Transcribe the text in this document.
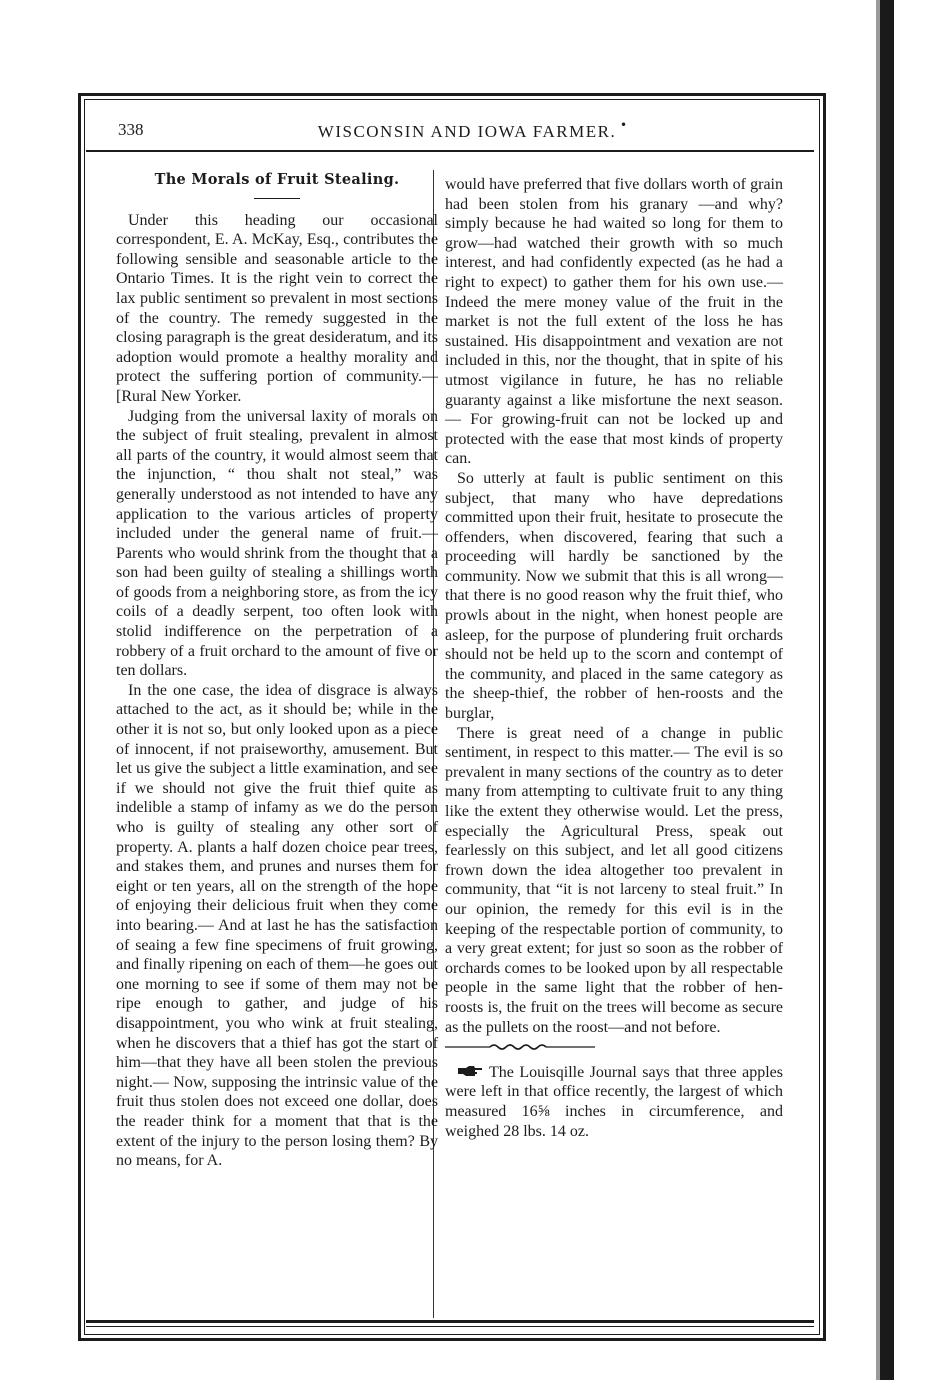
338	WISCONSIN AND IOWA FARMER. •
The Morals of Fruit Stealing.

Under this heading our occasional correspondent, E. A. McKay, Esq., contributes the following sensible and seasonable article to the Ontario Times. It is the right vein to correct the lax public sentiment so prevalent in most sections of the country. The remedy suggested in the closing paragraph is the great desideratum, and its adoption would promote a healthy morality and protect the suffering portion of community.—[Rural New Yorker.

Judging from the universal laxity of morals on the subject of fruit stealing, prevalent in almost all parts of the country, it would almost seem that the injunction, “ thou shalt not steal,” was generally understood as not intended to have any application to the various articles of property included under the general name of fruit.— Parents who would shrink from the thought that a son had been guilty of stealing a shillings worth of goods from a neighboring store, as from the icy coils of a deadly serpent, too often look with stolid indifference on the perpetration of a robbery of a fruit orchard to the amount of five or ten dollars.

In the one case, the idea of disgrace is always attached to the act, as it should be; while in the other it is not so, but only looked upon as a piece of innocent, if not praiseworthy, amusement. But let us give the subject a little examination, and see if we should not give the fruit thief quite as indelible a stamp of infamy as we do the person who is guilty of stealing any other sort of property. A. plants a half dozen choice pear trees, and stakes them, and prunes and nurses them for eight or ten years, all on the strength of the hope of enjoying their delicious fruit when they come into bearing.— And at last he has the satisfaction of seaing a few fine specimens of fruit growing, and finally ripening on each of them—he goes out one morning to see if some of them may not be ripe enough to gather, and judge of his disappointment, you who wink at fruit stealing, when he discovers that a thief has got the start of him—that they have all been stolen the previous night.— Now, supposing the intrinsic value of the fruit thus stolen does not exceed one dollar, does the reader think for a moment that that is the extent of the injury to the person losing them? By no means, for A.

would have preferred that five dollars worth of grain had been stolen from his granary —and why? simply because he had waited so long for them to grow—had watched their growth with so much interest, and had confidently expected (as he had a right to expect) to gather them for his own use.— Indeed the mere money value of the fruit in the market is not the full extent of the loss he has sustained. His disappointment and vexation are not included in this, nor the thought, that in spite of his utmost vigilance in future, he has no reliable guaranty against a like misfortune the next season.— For growing-fruit can not be locked up and protected with the ease that most kinds of property can.

So utterly at fault is public sentiment on this subject, that many who have depredations committed upon their fruit, hesitate to prosecute the offenders, when discovered, fearing that such a proceeding will hardly be sanctioned by the community. Now we submit that this is all wrong—that there is no good reason why the fruit thief, who prowls about in the night, when honest people are asleep, for the purpose of plundering fruit orchards should not be held up to the scorn and contempt of the community, and placed in the same category as the sheep-thief, the robber of hen-roosts and the burglar,

There is great need of a change in public sentiment, in respect to this matter.— The evil is so prevalent in many sections of the country as to deter many from attempting to cultivate fruit to any thing like the extent they otherwise would. Let the press, especially the Agricultural Press, speak out fearlessly on this subject, and let all good citizens frown down the idea altogether too prevalent in community, that “it is not larceny to steal fruit.” In our opinion, the remedy for this evil is in the keeping of the respectable portion of community, to a very great extent; for just so soon as the robber of orchards comes to be looked upon by all respectable people in the same light that the robber of hen-roosts is, the fruit on the trees will become as secure as the pullets on the roost—and not before.

The Louisqille Journal says that three apples were left in that office recently, the largest of which measured 16⅝ inches in circumference, and weighed 28 lbs. 14 oz.
